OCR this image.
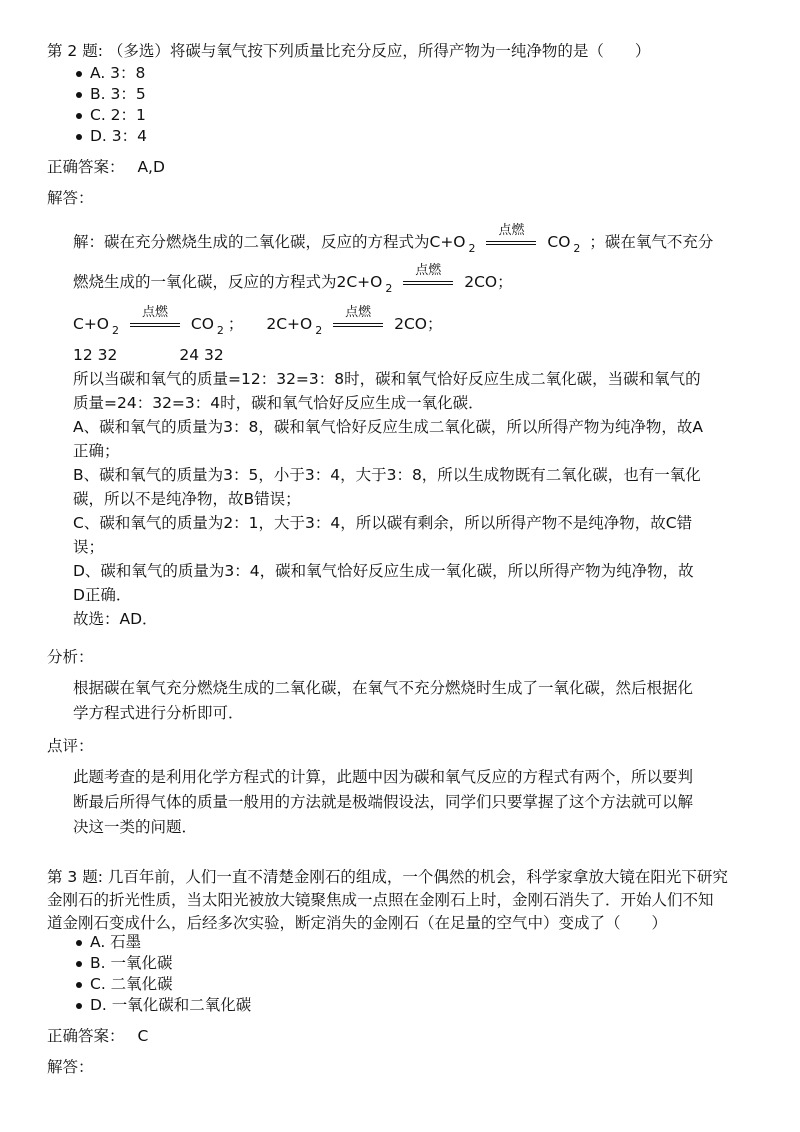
第 2 题: （多选）将碳与氧气按下列质量比充分反应，所得产物为一纯净物的是（　　）
A. 3：8
B. 3：5
C. 2：1
D. 3：4
正确答案： A,D
解答：
解：碳在充分燃烧生成的二氧化碳，反应的方程式为C+O $_2$
点燃
CO $_2$ ；碳在氧气不充分
燃烧生成的一氧化碳，反应的方程式为2C+O $_2$
点燃
2CO；
C+O $_2$
点燃
CO $_2$ ； 2C+O $_2$
点燃
2CO；
12 32　　　　24 32
所以当碳和氧气的质量=12：32=3：8时，碳和氧气恰好反应生成二氧化碳，当碳和氧气的
质量=24：32=3：4时，碳和氧气恰好反应生成一氧化碳．
A、碳和氧气的质量为3：8，碳和氧气恰好反应生成二氧化碳，所以所得产物为纯净物，故A
正确；
B、碳和氧气的质量为3：5，小于3：4，大于3：8，所以生成物既有二氧化碳，也有一氧化
碳，所以不是纯净物，故B错误；
C、碳和氧气的质量为2：1，大于3：4，所以碳有剩余，所以所得产物不是纯净物，故C错
误；
D、碳和氧气的质量为3：4，碳和氧气恰好反应生成一氧化碳，所以所得产物为纯净物，故
D正确．
故选：AD．
分析：
根据碳在氧气充分燃烧生成的二氧化碳，在氧气不充分燃烧时生成了一氧化碳，然后根据化
学方程式进行分析即可．
点评：
此题考查的是利用化学方程式的计算，此题中因为碳和氧气反应的方程式有两个，所以要判
断最后所得气体的质量一般用的方法就是极端假设法，同学们只要掌握了这个方法就可以解
决这一类的问题．
第 3 题: 几百年前，人们一直不清楚金刚石的组成，一个偶然的机会，科学家拿放大镜在阳光下研究
金刚石的折光性质，当太阳光被放大镜聚焦成一点照在金刚石上时，金刚石消失了．开始人们不知
道金刚石变成什么，后经多次实验，断定消失的金刚石（在足量的空气中）变成了（　　）
A. 石墨
B. 一氧化碳
C. 二氧化碳
D. 一氧化碳和二氧化碳
正确答案： C
解答：
